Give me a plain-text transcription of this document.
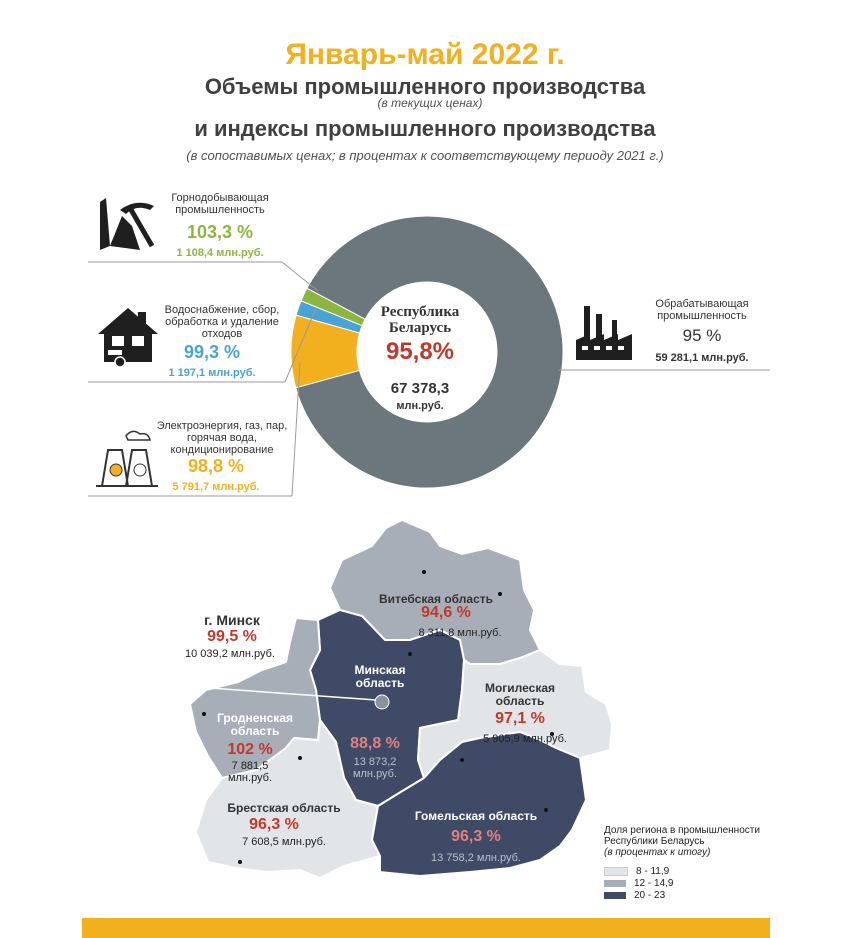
Январь-май 2022 г.
Объемы промышленного производства
(в текущих ценах)
и индексы промышленного производства
(в сопоставимых ценах; в процентах к соответствующему периоду 2021 г.)
Республика
Беларусь
95,8%
67 378,3
млн.руб.
Горнодобывающая
промышленность
103,3 %
1 108,4 млн.руб.
Водоснабжение, сбор,
обработка и удаление
отходов
99,3 %
1 197,1 млн.руб.
Электроэнергия, газ, пар,
горячая вода,
кондиционирование
98,8 %
5 791,7 млн.руб.
Обрабатывающая
промышленность
95 %
59 281,1 млн.руб.
г. Минск
99,5 %
10 039,2 млн.руб.
Витебская область
94,6 %
8 311,8 млн.руб.
Минская
область
88,8 %
13 873,2
млн.руб.
Могилеская
область
97,1 %
5 905,9 млн.руб.
Гродненская
область
102 %
7 881,5
млн.руб.
Брестская область
96,3 %
7 608,5 млн.руб.
Гомельская область
96,3 %
13 758,2 млн.руб.
Доля региона в промышленности
Республики Беларусь
(в процентах к итогу)
8 - 11,9
12 - 14,9
20 - 23
